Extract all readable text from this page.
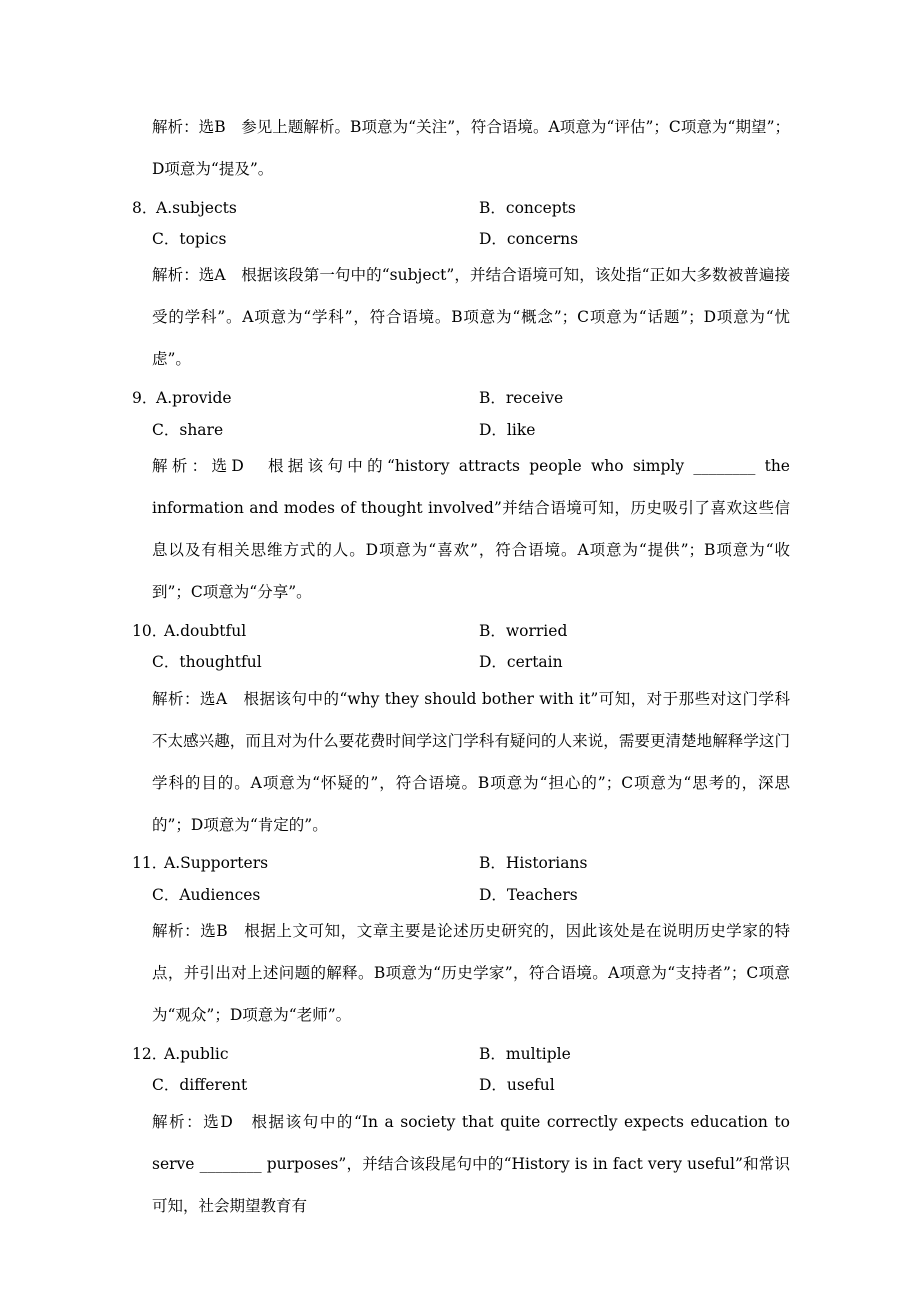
解析：选B　参见上题解析。B项意为“关注”，符合语境。A项意为“评估”；C项意为“期望”；D项意为“提及”。

8．
A.subjects	B．concepts
C．topics	D．concerns

解析：选A　根据该段第一句中的“subject”，并结合语境可知，该处指“正如大多数被普遍接受的学科”。A项意为“学科”，符合语境。B项意为“概念”；C项意为“话题”；D项意为“忧虑”。

9．
A.provide	B．receive
C．share	D．like

解析：选D　根据该句中的“history attracts people who simply ________ the information and modes of thought involved”并结合语境可知，历史吸引了喜欢这些信息以及有相关思维方式的人。D项意为“喜欢”，符合语境。A项意为“提供”；B项意为“收到”；C项意为“分享”。

10．
A.doubtful	B．worried
C．thoughtful	D．certain

解析：选A　根据该句中的“why they should bother with it”可知，对于那些对这门学科不太感兴趣，而且对为什么要花费时间学这门学科有疑问的人来说，需要更清楚地解释学这门学科的目的。A项意为“怀疑的”，符合语境。B项意为“担心的”；C项意为“思考的，深思的”；D项意为“肯定的”。

11．
A.Supporters	B．Historians
C．Audiences	D．Teachers

解析：选B　根据上文可知，文章主要是论述历史研究的，因此该处是在说明历史学家的特点，并引出对上述问题的解释。B项意为“历史学家”，符合语境。A项意为“支持者”；C项意为“观众”；D项意为“老师”。

12．
A.public	B．multiple
C．different	D．useful

解析：选D　根据该句中的“In a society that quite correctly expects education to serve ________ purposes”，并结合该段尾句中的“History is in fact very useful”和常识可知，社会期望教育有
